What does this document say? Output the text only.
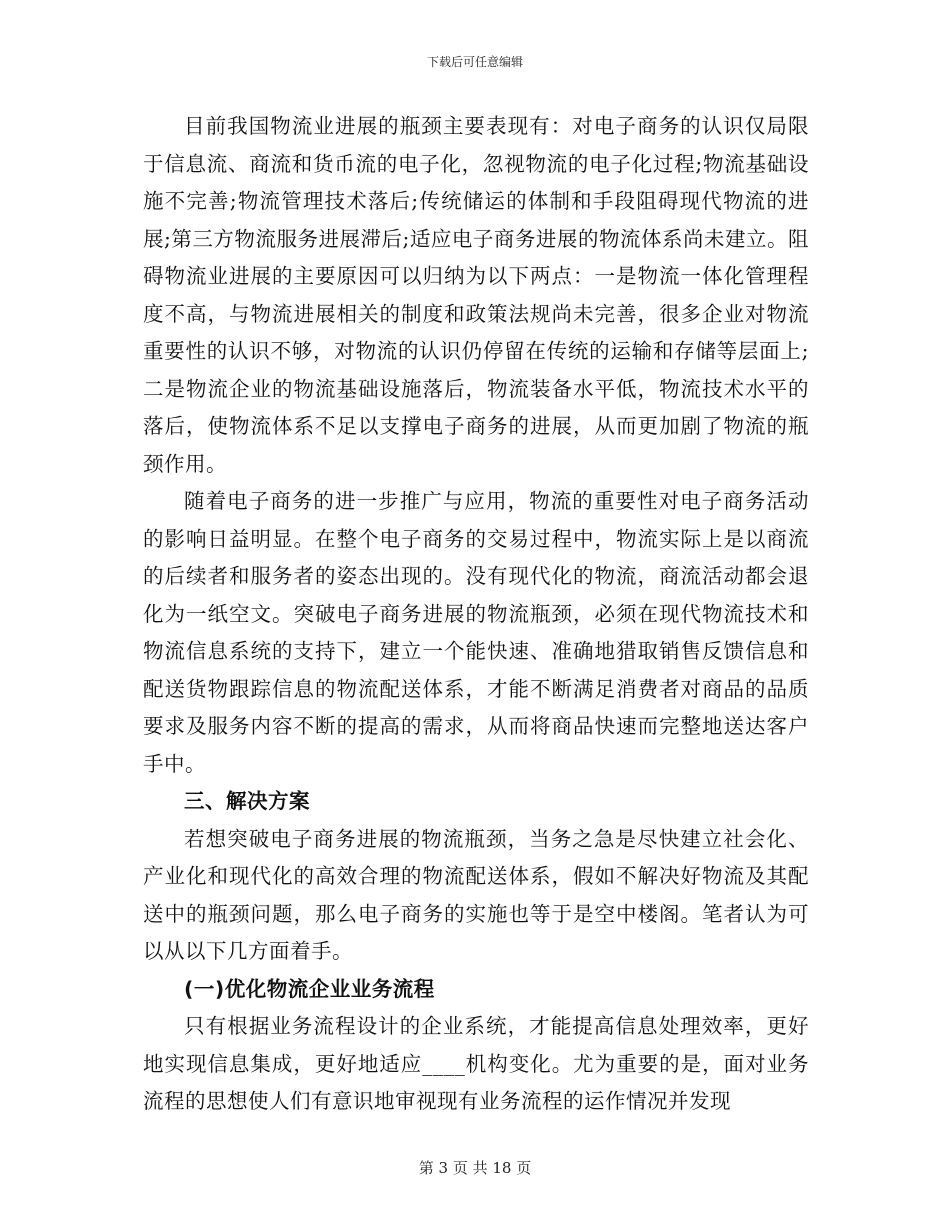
下载后可任意编辑

目前我国物流业进展的瓶颈主要表现有：对电子商务的认识仅局限于信息流、商流和货币流的电子化，忽视物流的电子化过程;物流基础设施不完善;物流管理技术落后;传统储运的体制和手段阻碍现代物流的进展;第三方物流服务进展滞后;适应电子商务进展的物流体系尚未建立。阻碍物流业进展的主要原因可以归纳为以下两点：一是物流一体化管理程度不高，与物流进展相关的制度和政策法规尚未完善，很多企业对物流重要性的认识不够，对物流的认识仍停留在传统的运输和存储等层面上;二是物流企业的物流基础设施落后，物流装备水平低，物流技术水平的落后，使物流体系不足以支撑电子商务的进展，从而更加剧了物流的瓶颈作用。

随着电子商务的进一步推广与应用，物流的重要性对电子商务活动的影响日益明显。在整个电子商务的交易过程中，物流实际上是以商流的后续者和服务者的姿态出现的。没有现代化的物流，商流活动都会退化为一纸空文。突破电子商务进展的物流瓶颈，必须在现代物流技术和物流信息系统的支持下，建立一个能快速、准确地猎取销售反馈信息和配送货物跟踪信息的物流配送体系，才能不断满足消费者对商品的品质要求及服务内容不断的提高的需求，从而将商品快速而完整地送达客户手中。

三、解决方案

若想突破电子商务进展的物流瓶颈，当务之急是尽快建立社会化、产业化和现代化的高效合理的物流配送体系，假如不解决好物流及其配送中的瓶颈问题，那么电子商务的实施也等于是空中楼阁。笔者认为可以从以下几方面着手。

(一)优化物流企业业务流程

只有根据业务流程设计的企业系统，才能提高信息处理效率，更好地实现信息集成，更好地适应____机构变化。尤为重要的是，面对业务流程的思想使人们有意识地审视现有业务流程的运作情况并发现

第 3 页 共 18 页
